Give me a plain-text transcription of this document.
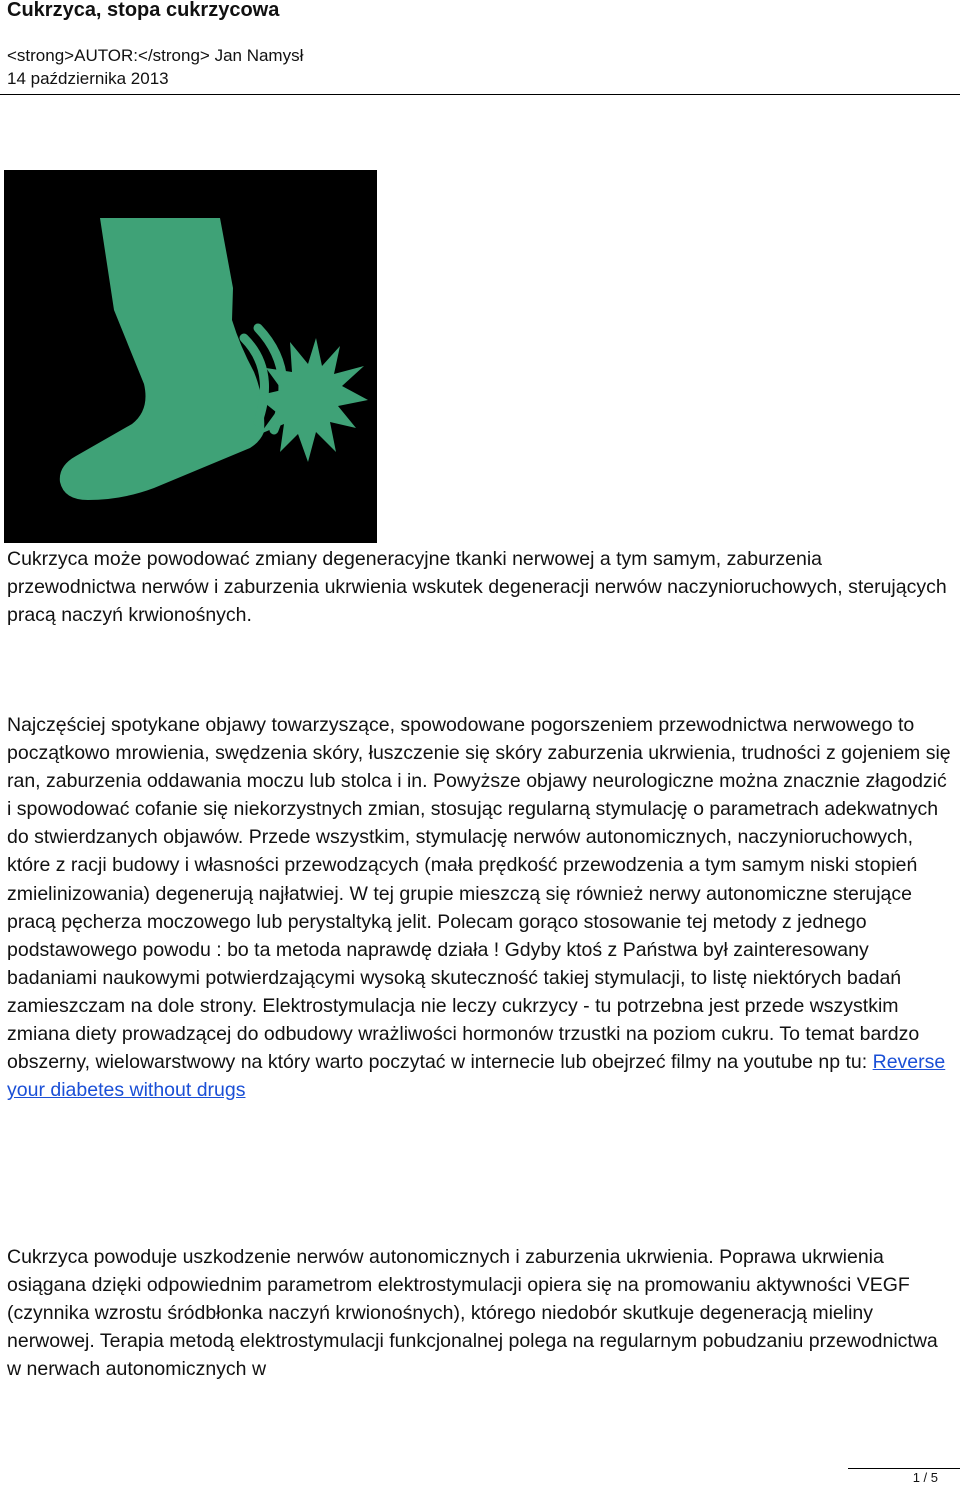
Cukrzyca, stopa cukrzycowa
<strong>AUTOR:</strong> Jan Namysł
14 października 2013

Cukrzyca może powodować zmiany degeneracyjne tkanki nerwowej a tym samym, zaburzenia przewodnictwa nerwów i zaburzenia ukrwienia wskutek degeneracji nerwów naczynioruchowych, sterujących pracą naczyń krwionośnych.

Najczęściej spotykane objawy towarzyszące, spowodowane pogorszeniem przewodnictwa nerwowego to początkowo mrowienia, swędzenia skóry, łuszczenie się skóry zaburzenia ukrwienia, trudności z gojeniem się ran, zaburzenia oddawania moczu lub stolca i in. Powyższe objawy neurologiczne można znacznie złagodzić i spowodować cofanie się niekorzystnych zmian, stosując regularną stymulację o parametrach adekwatnych do stwierdzanych objawów. Przede wszystkim, stymulację nerwów autonomicznych, naczynioruchowych, które z racji budowy i własności przewodzących (mała prędkość przewodzenia a tym samym niski stopień zmielinizowania) degenerują najłatwiej. W tej grupie mieszczą się również nerwy autonomiczne sterujące pracą pęcherza moczowego lub perystaltyką jelit. Polecam gorąco stosowanie tej metody z jednego podstawowego powodu : bo ta metoda naprawdę działa ! Gdyby ktoś z Państwa był zainteresowany badaniami naukowymi potwierdzającymi wysoką skuteczność takiej stymulacji, to listę niektórych badań zamieszczam na dole strony. Elektrostymulacja nie leczy cukrzycy - tu potrzebna jest przede wszystkim zmiana diety prowadzącej do odbudowy wrażliwości hormonów trzustki na poziom cukru. To temat bardzo obszerny, wielowarstwowy na który warto poczytać w internecie lub obejrzeć filmy na youtube np tu: Reverse your diabetes without drugs

Cukrzyca powoduje uszkodzenie nerwów autonomicznych i zaburzenia ukrwienia. Poprawa ukrwienia osiągana dzięki odpowiednim parametrom elektrostymulacji opiera się na promowaniu aktywności VEGF (czynnika wzrostu śródbłonka naczyń krwionośnych), którego niedobór skutkuje degeneracją mieliny nerwowej. Terapia metodą elektrostymulacji funkcjonalnej polega na regularnym pobudzaniu przewodnictwa w nerwach autonomicznych w

1 / 5
